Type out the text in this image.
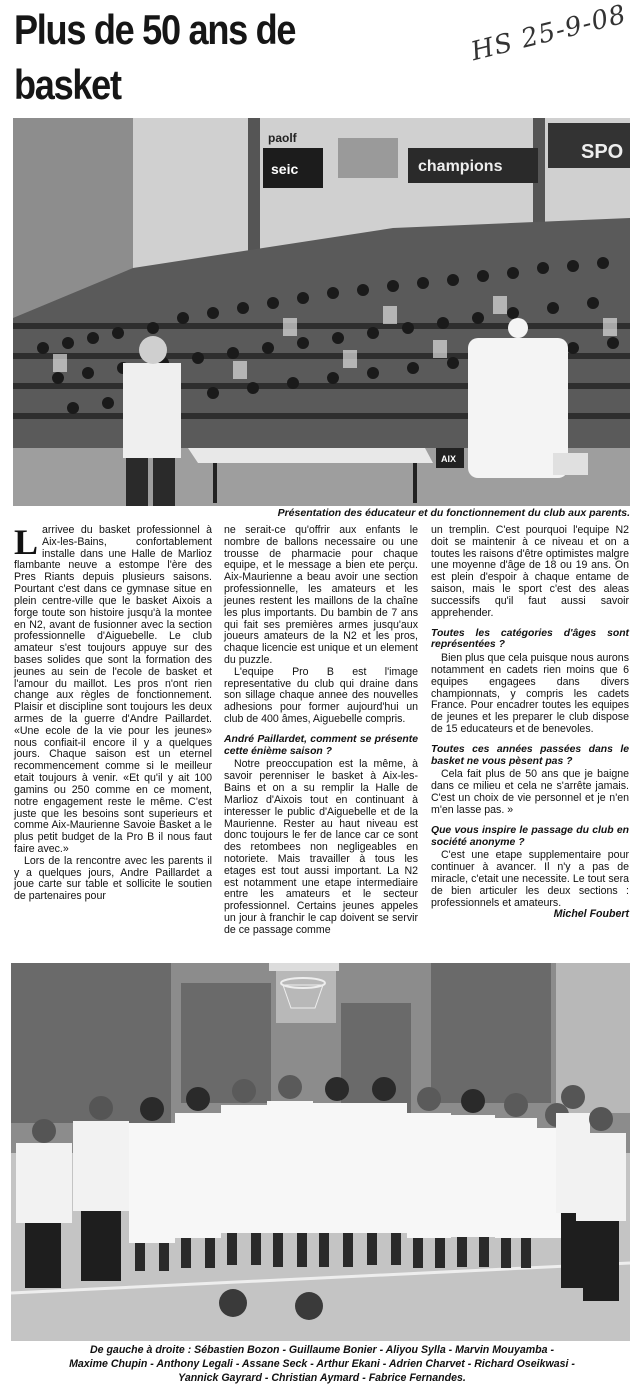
Plus de 50 ans de basket

HS 25-9-08
seic
paolf
champions
SPO
AIX
Présentation des éducateur et du fonctionnement du club aux parents.

Larrivee du basket professionnel à Aix-les-Bains, confortablement installe dans une Halle de Marlioz flambante neuve a estompe l'ère des Pres Riants depuis plusieurs saisons. Pourtant c'est dans ce gymnase situe en plein centre-ville que le basket Aixois a forge toute son histoire jusqu'à la montee en N2, avant de fusionner avec la section professionnelle d'Aiguebelle. Le club amateur s'est toujours appuye sur des bases solides que sont la formation des jeunes au sein de l'ecole de basket et l'amour du maillot. Les pros n'ont rien change aux règles de fonctionnement. Plaisir et discipline sont toujours les deux armes de la guerre d'Andre Paillardet. «Une ecole de la vie pour les jeunes» nous confiait-il encore il y a quelques jours. Chaque saison est un eternel recommencement comme si le meilleur etait toujours à venir. «Et qu'il y ait 100 gamins ou 250 comme en ce moment, notre engagement reste le même. C'est juste que les besoins sont superieurs et comme Aix-Maurienne Savoie Basket a le plus petit budget de la Pro B il nous faut faire avec.»

Lors de la rencontre avec les parents il y a quelques jours, Andre Paillardet a joue carte sur table et sollicite le soutien de partenaires pour

ne serait-ce qu'offrir aux enfants le nombre de ballons necessaire ou une trousse de pharmacie pour chaque equipe, et le message a bien ete perçu. Aix-Maurienne a beau avoir une section professionnelle, les amateurs et les jeunes restent les maillons de la chaîne les plus importants. Du bambin de 7 ans qui fait ses premières armes jusqu'aux joueurs amateurs de la N2 et les pros, chaque licencie est unique et un element du puzzle.

L'equipe Pro B est l'image representative du club qui draine dans son sillage chaque annee des nouvelles adhesions pour former aujourd'hui un club de 400 âmes, Aiguebelle compris.

André Paillardet, comment se présente cette énième saison ?

Notre preoccupation est la même, à savoir perenniser le basket à Aix-les-Bains et on a su remplir la Halle de Marlioz d'Aixois tout en continuant à interesser le public d'Aiguebelle et de la Maurienne. Rester au haut niveau est donc toujours le fer de lance car ce sont des retombees non negligeables en notoriete. Mais travailler à tous les etages est tout aussi important. La N2 est notamment une etape intermediaire entre les amateurs et le secteur professionnel. Certains jeunes appeles un jour à franchir le cap doivent se servir de ce passage comme

un tremplin. C'est pourquoi l'equipe N2 doit se maintenir à ce niveau et on a toutes les raisons d'être optimistes malgre une moyenne d'âge de 18 ou 19 ans. On est plein d'espoir à chaque entame de saison, mais le sport c'est des aleas successifs qu'il faut aussi savoir apprehender.

Toutes les catégories d'âges sont représentées ?

Bien plus que cela puisque nous aurons notamment en cadets rien moins que 6 equipes engagees dans divers championnats, y compris les cadets France. Pour encadrer toutes les equipes de jeunes et les preparer le club dispose de 15 educateurs et de benevoles.

Toutes ces années passées dans le basket ne vous pèsent pas ?

Cela fait plus de 50 ans que je baigne dans ce milieu et cela ne s'arrête jamais. C'est un choix de vie personnel et je n'en m'en lasse pas. »

Que vous inspire le passage du club en société anonyme ?

C'est une etape supplementaire pour continuer à avancer. Il n'y a pas de miracle, c'etait une necessite. Le tout sera de bien articuler les deux sections : professionnels et amateurs.

Michel Foubert

De gauche à droite : Sébastien Bozon - Guillaume Bonier - Aliyou Sylla - Marvin Mouyamba -
Maxime Chupin - Anthony Legali - Assane Seck - Arthur Ekani - Adrien Charvet - Richard Oseikwasi -
Yannick Gayrard - Christian Aymard - Fabrice Fernandes.
